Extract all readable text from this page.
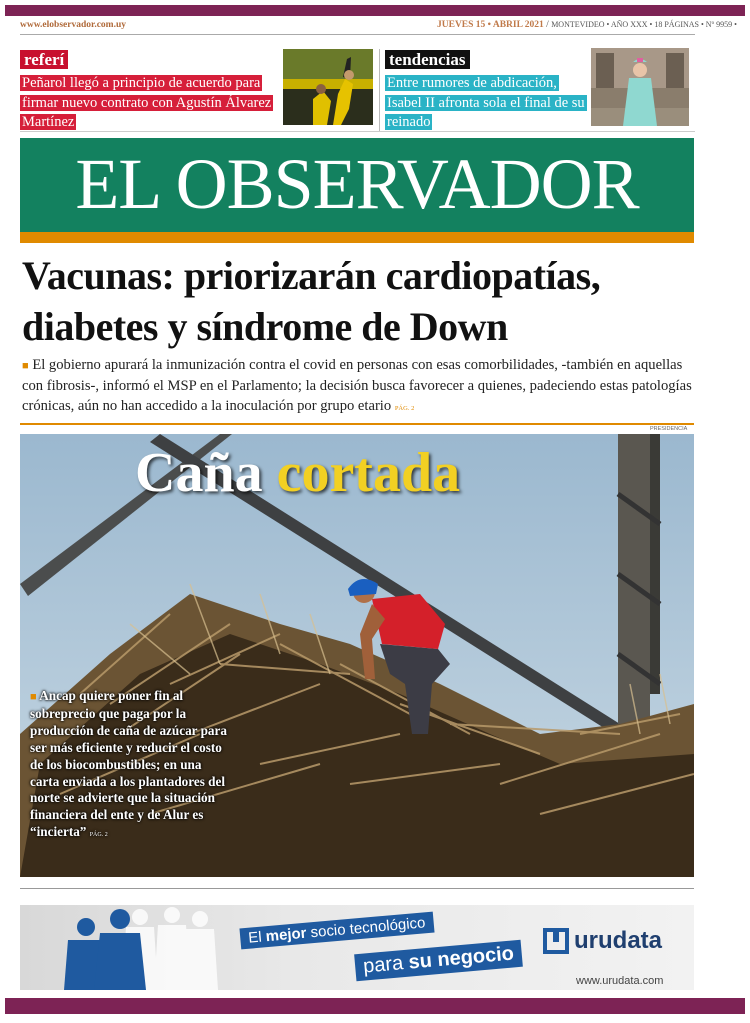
www.elobservador.com.uy	JUEVES 15 • ABRIL 2021 / MONTEVIDEO • AÑO XXX • 18 PÁGINAS • Nº 9959 •
referí
Peñarol llegó a principio de acuerdo para firmar nuevo contrato con Agustín Álvarez Martínez
tendencias
Entre rumores de abdicación, Isabel II afronta sola el final de su reinado
EL OBSERVADOR
Vacunas: priorizarán cardiopatías, diabetes y síndrome de Down
■ El gobierno apurará la inmunización contra el covid en personas con esas comorbilidades, -también en aquellas con fibrosis-, informó el MSP en el Parlamento; la decisión busca favorecer a quienes, padeciendo estas patologías crónicas, aún no han accedido a la inoculación por grupo etario PÁG. 2
PRESIDENCIA
Caña cortada
■ Ancap quiere poner fin al sobreprecio que paga por la producción de caña de azúcar para ser más eficiente y reducir el costo de los biocombustibles; en una carta enviada a los plantadores del norte se advierte que la situación financiera del ente y de Alur es “incierta” PÁG. 2
El mejor socio tecnológico
para su negocio
urudata
www.urudata.com
